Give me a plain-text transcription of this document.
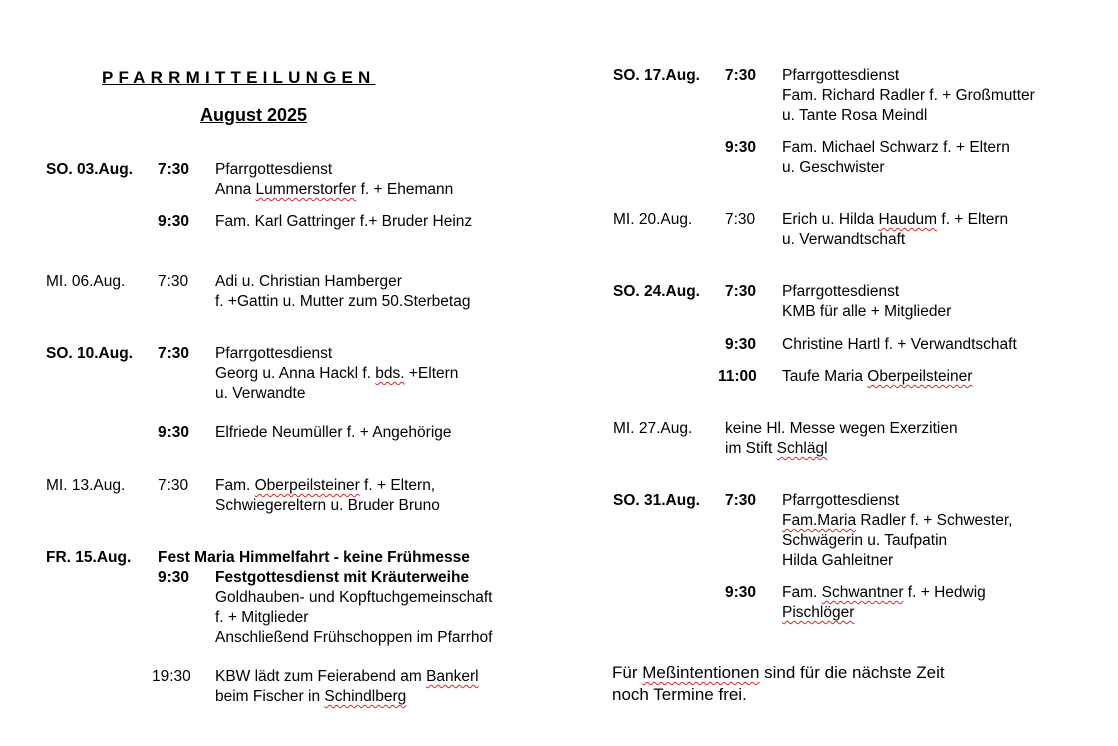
PFARRMITTEILUNGEN
August 2025
SO. 03.Aug. 7:30 Pfarrgottesdienst
Anna Lummerstorfer f. + Ehemann
9:30 Fam. Karl Gattringer f.+ Bruder Heinz
MI. 06.Aug. 7:30 Adi u. Christian Hamberger
f. +Gattin u. Mutter zum 50.Sterbetag
SO. 10.Aug. 7:30 Pfarrgottesdienst
Georg u. Anna Hackl f. bds. +Eltern
u. Verwandte
9:30 Elfriede Neumüller f. + Angehörige
MI. 13.Aug. 7:30 Fam. Oberpeilsteiner f. + Eltern,
Schwiegereltern u. Bruder Bruno
FR. 15.Aug. Fest Maria Himmelfahrt - keine Frühmesse
9:30 Festgottesdienst mit Kräuterweihe
Goldhauben- und Kopftuchgemeinschaft
f. + Mitglieder
Anschließend Frühschoppen im Pfarrhof
19:30 KBW lädt zum Feierabend am Bankerl
beim Fischer in Schindlberg
SO. 17.Aug. 7:30 Pfarrgottesdienst
Fam. Richard Radler f. + Großmutter
u. Tante Rosa Meindl
9:30 Fam. Michael Schwarz f. + Eltern
u. Geschwister
MI. 20.Aug. 7:30 Erich u. Hilda Haudum f. + Eltern
u. Verwandtschaft
SO. 24.Aug. 7:30 Pfarrgottesdienst
KMB für alle + Mitglieder
9:30 Christine Hartl f. + Verwandtschaft
11:00 Taufe Maria Oberpeilsteiner
MI. 27.Aug. keine Hl. Messe wegen Exerzitien
im Stift Schlägl
SO. 31.Aug. 7:30 Pfarrgottesdienst
Fam.Maria Radler f. + Schwester,
Schwägerin u. Taufpatin
Hilda Gahleitner
9:30 Fam. Schwantner f. + Hedwig
Pischlöger
Für Meßintentionen sind für die nächste Zeit
noch Termine frei.
